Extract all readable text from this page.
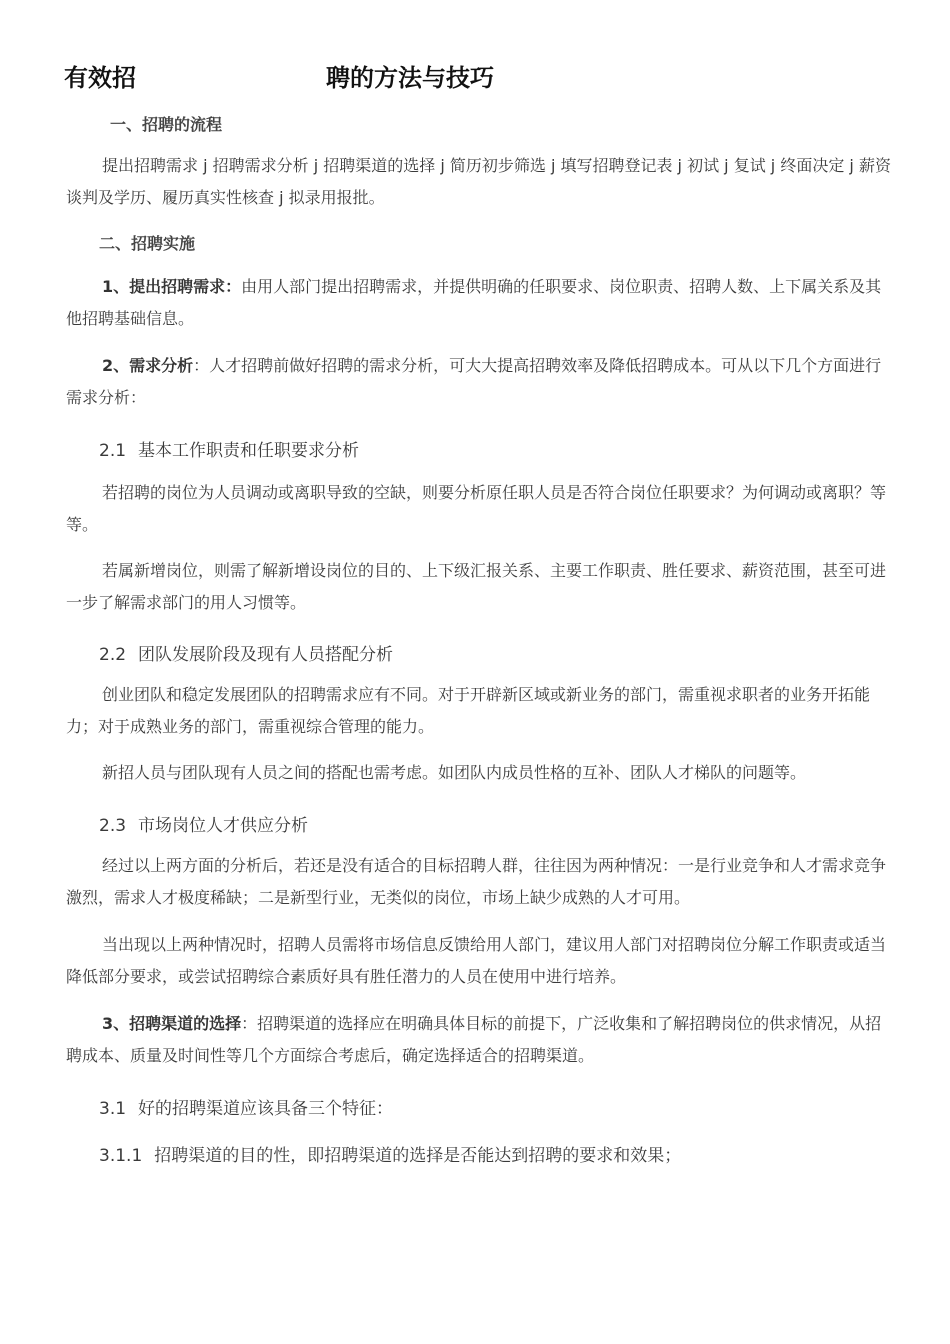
有效招	聘的方法与技巧
一、招聘的流程
提出招聘需求 j 招聘需求分析 j 招聘渠道的选择 j 简历初步筛选 j 填写招聘登记表 j 初试 j 复试 j 终面决定 j 薪资谈判及学历、履历真实性核查 j 拟录用报批。
二、招聘实施
1、提出招聘需求：由用人部门提出招聘需求，并提供明确的任职要求、岗位职责、招聘人数、上下属关系及其他招聘基础信息。
2、需求分析：人才招聘前做好招聘的需求分析，可大大提高招聘效率及降低招聘成本。可从以下几个方面进行需求分析：
2.1 基本工作职责和任职要求分析
若招聘的岗位为人员调动或离职导致的空缺，则要分析原任职人员是否符合岗位任职要求？为何调动或离职？等等。
若属新增岗位，则需了解新增设岗位的目的、上下级汇报关系、主要工作职责、胜任要求、薪资范围，甚至可进一步了解需求部门的用人习惯等。
2.2 团队发展阶段及现有人员搭配分析
创业团队和稳定发展团队的招聘需求应有不同。对于开辟新区域或新业务的部门，需重视求职者的业务开拓能力；对于成熟业务的部门，需重视综合管理的能力。
新招人员与团队现有人员之间的搭配也需考虑。如团队内成员性格的互补、团队人才梯队的问题等。
2.3 市场岗位人才供应分析
经过以上两方面的分析后，若还是没有适合的目标招聘人群，往往因为两种情况：一是行业竞争和人才需求竞争激烈，需求人才极度稀缺；二是新型行业，无类似的岗位，市场上缺少成熟的人才可用。
当出现以上两种情况时，招聘人员需将市场信息反馈给用人部门，建议用人部门对招聘岗位分解工作职责或适当降低部分要求，或尝试招聘综合素质好具有胜任潜力的人员在使用中进行培养。
3、招聘渠道的选择：招聘渠道的选择应在明确具体目标的前提下，广泛收集和了解招聘岗位的供求情况，从招聘成本、质量及时间性等几个方面综合考虑后，确定选择适合的招聘渠道。
3.1 好的招聘渠道应该具备三个特征：
3.1.1 招聘渠道的目的性，即招聘渠道的选择是否能达到招聘的要求和效果；
